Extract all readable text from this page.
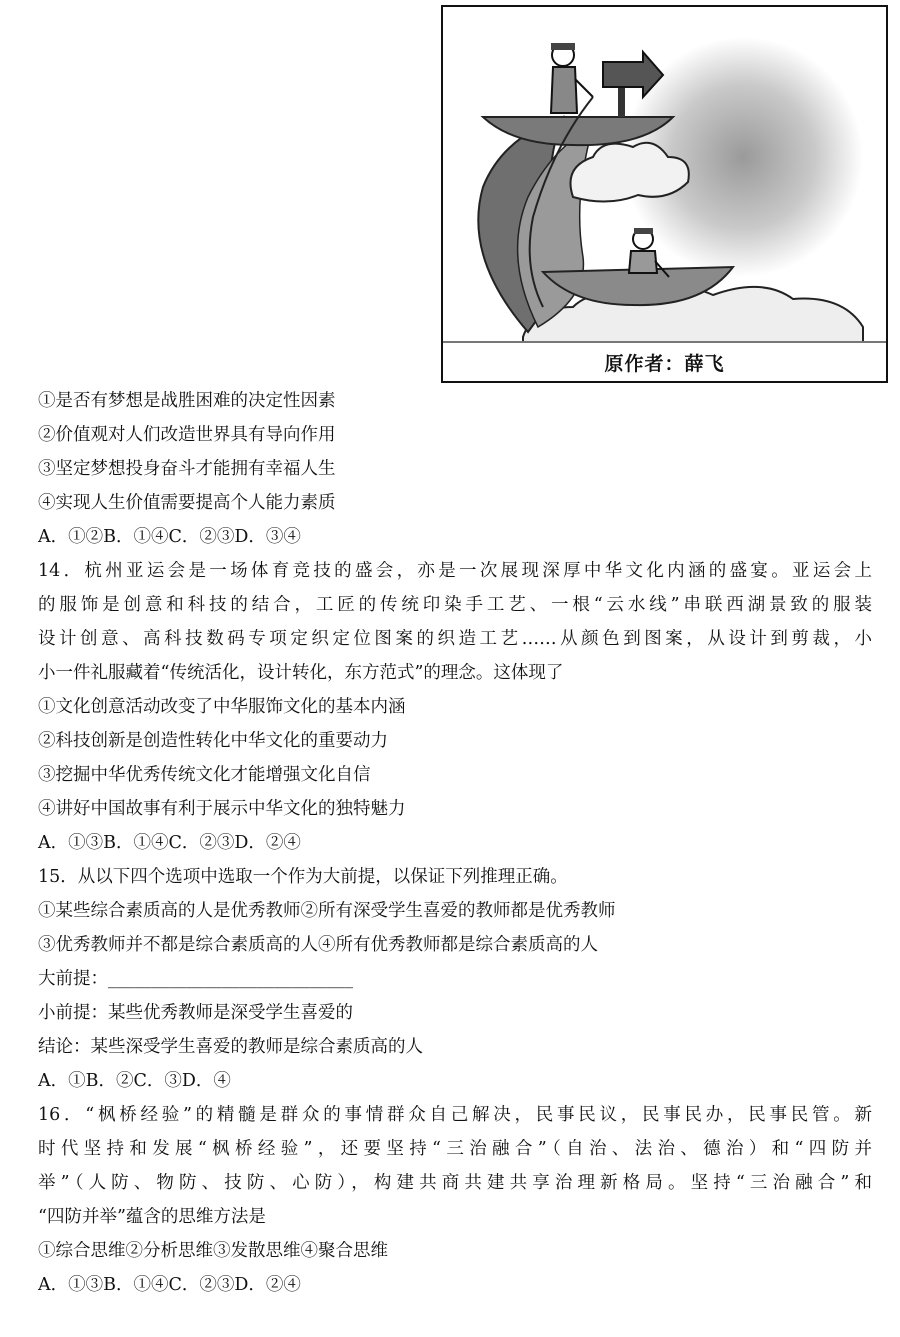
原作者：薛飞
①是否有梦想是战胜困难的决定性因素
②价值观对人们改造世界具有导向作用
③坚定梦想投身奋斗才能拥有幸福人生
④实现人生价值需要提高个人能力素质
A．①②B．①④C．②③D．③④
14．杭州亚运会是一场体育竞技的盛会，亦是一次展现深厚中华文化内涵的盛宴。亚运会上
的服饰是创意和科技的结合，工匠的传统印染手工艺、一根“云水线”串联西湖景致的服装
设计创意、高科技数码专项定织定位图案的织造工艺……从颜色到图案，从设计到剪裁，小
小一件礼服藏着“传统活化，设计转化，东方范式”的理念。这体现了
①文化创意活动改变了中华服饰文化的基本内涵
②科技创新是创造性转化中华文化的重要动力
③挖掘中华优秀传统文化才能增强文化自信
④讲好中国故事有利于展示中华文化的独特魅力
A．①③B．①④C．②③D．②④
15．从以下四个选项中选取一个作为大前提，以保证下列推理正确。
①某些综合素质高的人是优秀教师②所有深受学生喜爱的教师都是优秀教师
③优秀教师并不都是综合素质高的人④所有优秀教师都是综合素质高的人
大前提：____________________________
小前提：某些优秀教师是深受学生喜爱的
结论：某些深受学生喜爱的教师是综合素质高的人
A．①B．②C．③D．④
16．“枫桥经验”的精髓是群众的事情群众自己解决，民事民议，民事民办，民事民管。新
时代坚持和发展“枫桥经验”，还要坚持“三治融合”（自治、法治、德治）和“四防并
举”（人防、物防、技防、心防），构建共商共建共享治理新格局。坚持“三治融合”和
“四防并举”蕴含的思维方法是
①综合思维②分析思维③发散思维④聚合思维
A．①③B．①④C．②③D．②④
